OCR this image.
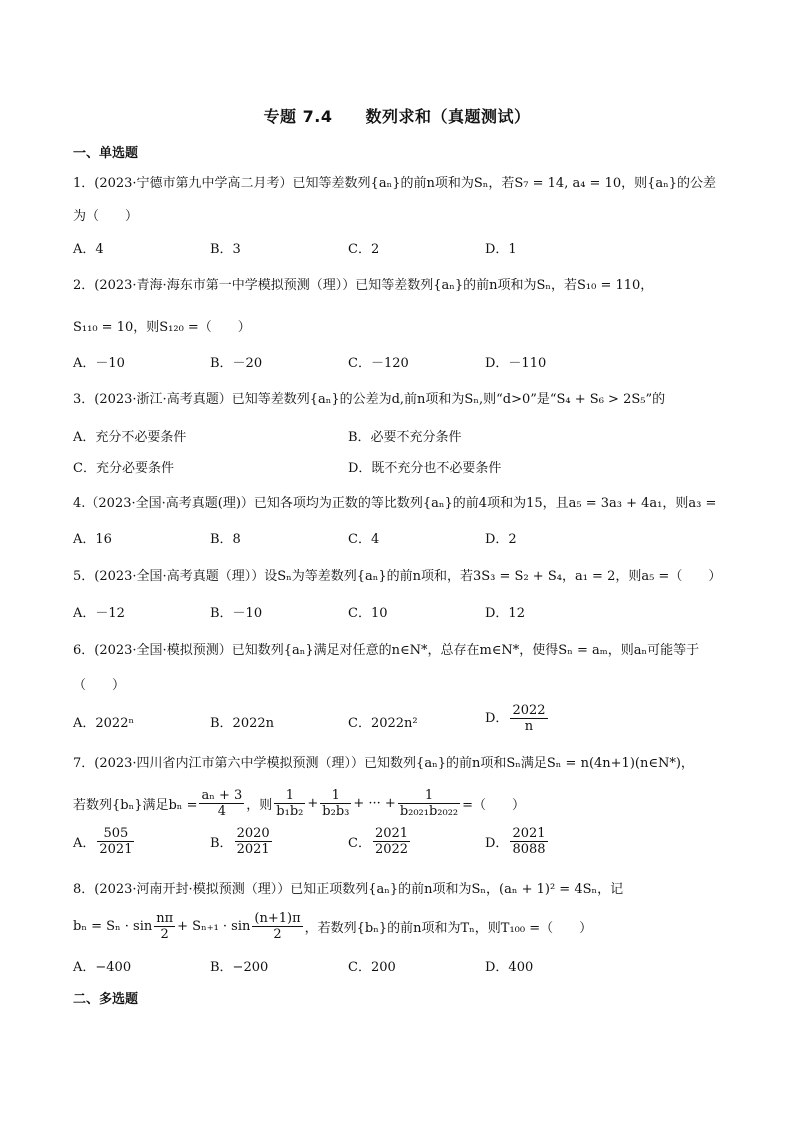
专题 7.4　　数列求和（真题测试）
一、单选题
1．(2023·宁德市第九中学高二月考）已知等差数列{aₙ}的前n项和为Sₙ，若S₇ = 14, a₄ = 10，则{aₙ}的公差
为（　　）
A．4	B．3	C．2	D．1
2．(2023·青海·海东市第一中学模拟预测（理））已知等差数列{aₙ}的前n项和为Sₙ，若S₁₀ = 110，
S₁₁₀ = 10，则S₁₂₀ =（　　）
A．－10	B．－20	C．－120	D．－110
3．(2023·浙江·高考真题）已知等差数列{aₙ}的公差为d,前n项和为Sₙ,则“d>0”是“S₄ + S₆ > 2S₅”的
A．充分不必要条件	B．必要不充分条件
C．充分必要条件	D．既不充分也不必要条件
4.（2023·全国·高考真题(理)）已知各项均为正数的等比数列{aₙ}的前4项和为15，且a₅ = 3a₃ + 4a₁，则a₃ =
A．16	B．8	C．4	D．2
5．(2023·全国·高考真题（理））设Sₙ为等差数列{aₙ}的前n项和，若3S₃ = S₂ + S₄，a₁ = 2，则a₅ =（　　）
A．－12	B．－10	C．10	D．12
6．(2023·全国·模拟预测）已知数列{aₙ}满足对任意的n∈N*，总存在m∈N*，使得Sₙ = aₘ，则aₙ可能等于
（　　）
A．2022ⁿ	B．2022n	C．2022n²	D． $\frac{2022}{n}$
7．(2023·四川省内江市第六中学模拟预测（理））已知数列{aₙ}的前n项和Sₙ满足Sₙ = n(4n+1)(n∈N*)，
若数列{bₙ}满足$b_n = \frac{\text{aₙ + 3}}{4}$ ，则 $\frac{1}{\text{b₁b₂}} + \frac{1}{\text{b₂b₃}}$ + ··· + $\frac{1}{\text{b₂₀₂₁b₂₀₂₂}}$ =（　　）
A． $\frac{505}{2021}$	B． $\frac{2020}{2021}$	C． $\frac{2021}{2022}$	D． $\frac{2021}{8088}$
8．(2023·河南开封·模拟预测（理））已知正项数列{aₙ}的前n项和为Sₙ，(aₙ + 1)² = 4Sₙ，记
$b_n = S_n \cdot \sin \frac{n\pi}{2} + S_{n+1} \cdot \sin \frac{(n+1)\pi}{2}$ ，若数列{bₙ}的前n项和为Tₙ，则T₁₀₀ =（　　）
A．−400	B．−200	C．200	D．400
二、多选题
